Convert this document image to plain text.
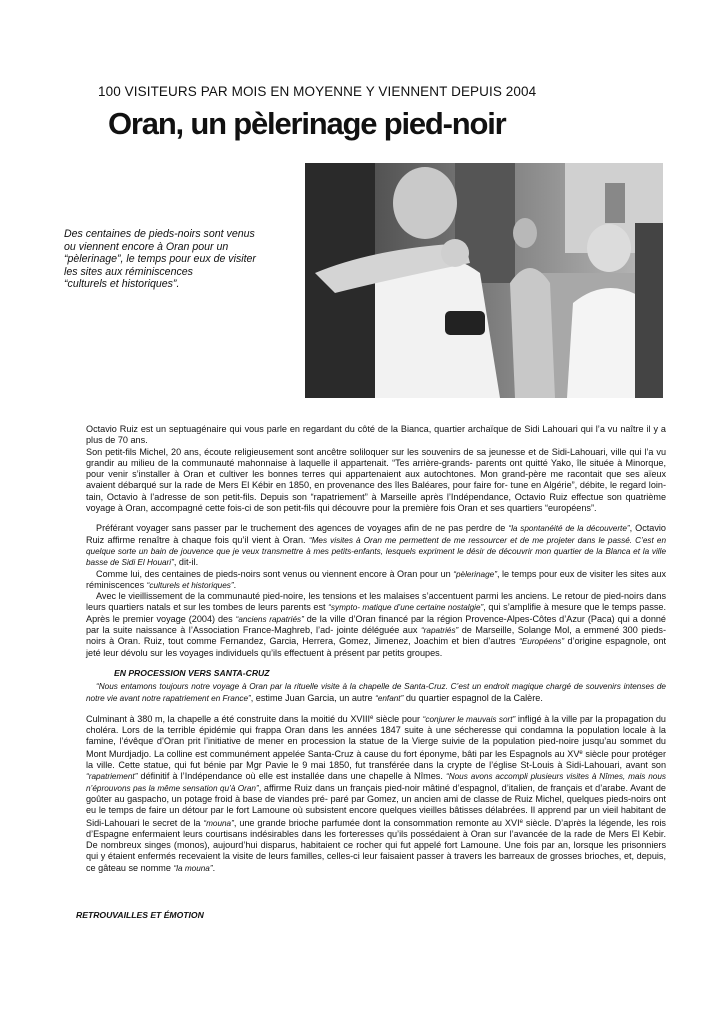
100 VISITEURS PAR MOIS EN MOYENNE Y VIENNENT DEPUIS 2004
Oran, un pèlerinage pied-noir
Des centaines de pieds-noirs sont venus
ou viennent encore à Oran pour un
“pèlerinage”, le temps pour eux de visiter
les sites aux réminiscences
“culturels et historiques”.

Octavio Ruiz est un septuagénaire qui vous parle en regardant du côté de la Bianca, quartier archaïque de Sidi Lahouari qui l’a vu naître il y a plus de 70 ans.

Son petit-fils Michel, 20 ans, écoute religieusement sont ancêtre soliloquer sur les souvenirs de sa jeunesse et de Sidi-Lahouari, ville qui l’a vu grandir au milieu de la communauté mahonnaise à laquelle il appartenait. “Tes arrière-grands- parents ont quitté Yako, île située à Minorque, pour venir s’installer à Oran et cultiver les bonnes terres qui appartenaient aux autochtones. Mon grand-père me racontait que ses aïeux avaient débarqué sur la rade de Mers El Kébir en 1850, en provenance des îles Baléares, pour faire for- tune en Algérie”, débite, le regard loin- tain, Octavio à l’adresse de son petit-fils. Depuis son “rapatriement” à Marseille après l’Indépendance, Octavio Ruiz effectue son quatrième voyage à Oran, accompagné cette fois-ci de son petit-fils qui découvre pour la première fois Oran et ses quartiers “européens”.

Préférant voyager sans passer par le truchement des agences de voyages afin de ne pas perdre de “la spontanéité de la découverte”, Octavio Ruiz affirme renaître à chaque fois qu’il vient à Oran. “Mes visites à Oran me permettent de me ressourcer et de me projeter dans le passé. C’est en quelque sorte un bain de jouvence que je veux transmettre à mes petits-enfants, lesquels expriment le désir de découvrir mon quartier de la Blanca et la ville basse de Sidi El Houari”, dit-il.

Comme lui, des centaines de pieds-noirs sont venus ou viennent encore à Oran pour un “pèlerinage”, le temps pour eux de visiter les sites aux réminiscences “culturels et historiques”.

Avec le vieillissement de la communauté pied-noire, les tensions et les malaises s’accentuent parmi les anciens. Le retour de pied-noirs dans leurs quartiers natals et sur les tombes de leurs parents est “sympto- matique d’une certaine nostalgie”, qui s’amplifie à mesure que le temps passe. Après le premier voyage (2004) des “anciens rapatriés” de la ville d’Oran financé par la région Provence-Alpes-Côtes d’Azur (Paca) qui a donné par la suite naissance à l’Association France-Maghreb, l’ad- jointe déléguée aux “rapatriés” de Marseille, Solange Mol, a emmené 300 pieds-noirs à Oran. Ruiz, tout comme Fernandez, Garcia, Herrera, Gomez, Jimenez, Joachim et bien d’autres “Européens” d’origine espagnole, ont jeté leur dévolu sur les voyages individuels qu’ils effectuent à présent par petits groupes.

EN PROCESSION VERS SANTA-CRUZ

“Nous entamons toujours notre voyage à Oran par la rituelle visite à la chapelle de Santa-Cruz. C’est un endroit magique chargé de souvenirs intenses de notre vie avant notre rapatriement en France”, estime Juan Garcia, un autre “enfant” du quartier espagnol de la Calère.

Culminant à 380 m, la chapelle a été construite dans la moitié du XVIIIe siècle pour “conjurer le mauvais sort” infligé à la ville par la propagation du choléra. Lors de la terrible épidémie qui frappa Oran dans les années 1847 suite à une sécheresse qui condamna la population locale à la famine, l’évêque d’Oran prit l’initiative de mener en procession la statue de la Vierge suivie de la population pied-noire jusqu’au sommet du Mont Murdjadjo. La colline est communément appelée Santa-Cruz à cause du fort éponyme, bâti par les Espagnols au XVe siècle pour protéger la ville. Cette statue, qui fut bénie par Mgr Pavie le 9 mai 1850, fut transférée dans la crypte de l’église St-Louis à Sidi-Lahouari, avant son “rapatriement” définitif à l’Indépendance où elle est installée dans une chapelle à Nîmes. “Nous avons accompli plusieurs visites à Nîmes, mais nous n’éprouvons pas la même sensation qu’à Oran”, affirme Ruiz dans un français pied-noir mâtiné d’espagnol, d’italien, de français et d’arabe. Avant de goûter au gaspacho, un potage froid à base de viandes pré- paré par Gomez, un ancien ami de classe de Ruiz Michel, quelques pieds-noirs ont eu le temps de faire un détour par le fort Lamoune où subsistent encore quelques vieilles bâtisses délabrées. Il apprend par un vieil habitant de Sidi-Lahouari le secret de la “mouna”, une grande brioche parfumée dont la consommation remonte au XVIe siècle. D’après la légende, les rois d’Espagne enfermaient leurs courtisans indésirables dans les forteresses qu’ils possédaient à Oran sur l’avancée de la rade de Mers El Kebir. De nombreux singes (monos), aujourd’hui disparus, habitaient ce rocher qui fut appelé fort Lamoune. Une fois par an, lorsque les prisonniers qui y étaient enfermés recevaient la visite de leurs familles, celles-ci leur faisaient passer à travers les barreaux de grosses brioches, et, depuis, ce gâteau se nomme “la mouna”.

RETROUVAILLES ET ÉMOTION
